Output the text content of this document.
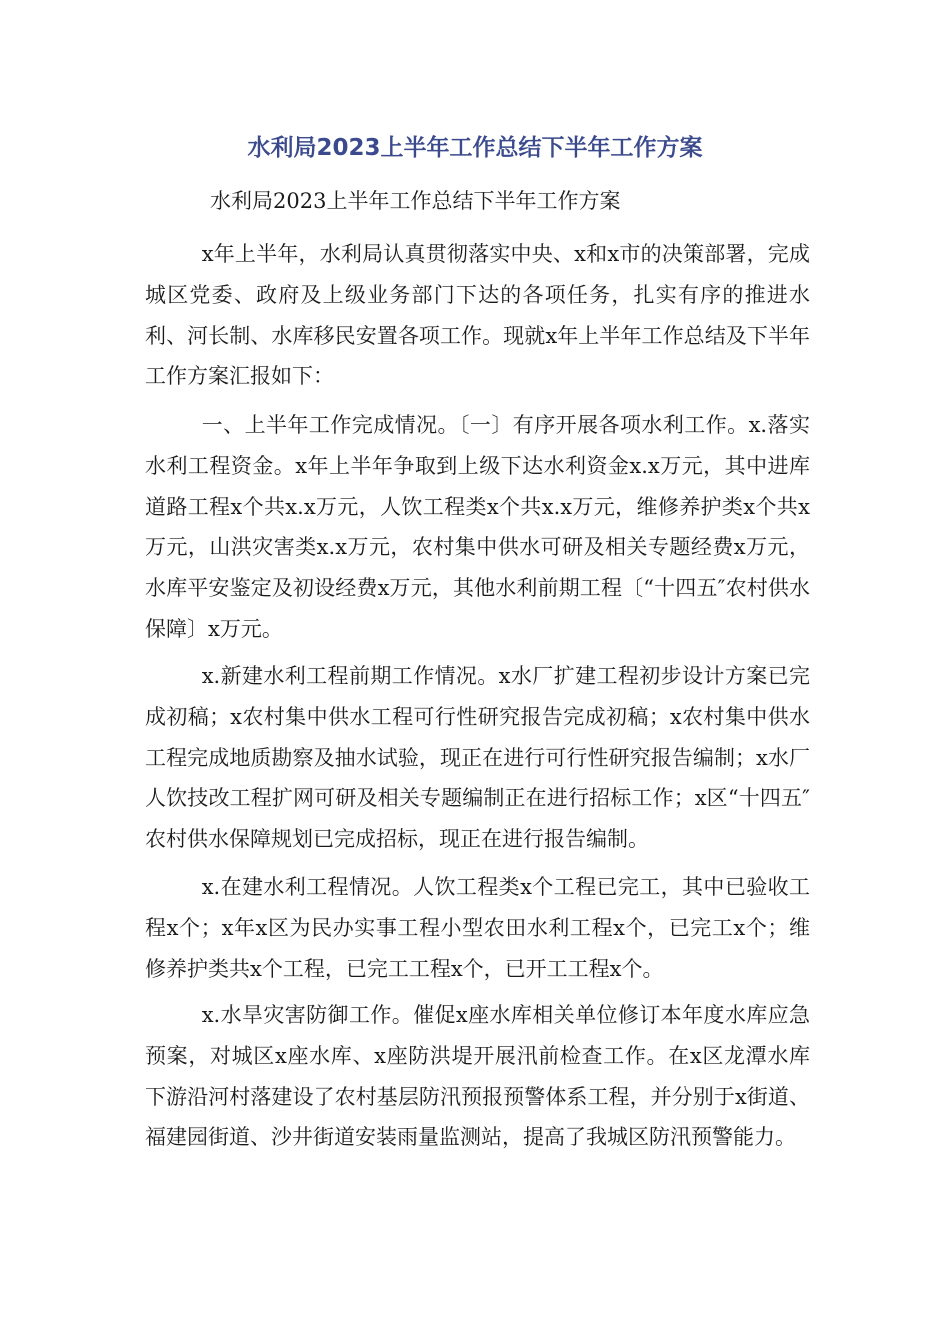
水利局2023上半年工作总结下半年工作方案

水利局2023上半年工作总结下半年工作方案

x年上半年，水利局认真贯彻落实中央、x和x市的决策部署，完成城区党委、政府及上级业务部门下达的各项任务，扎实有序的推进水利、河长制、水库移民安置各项工作。现就x年上半年工作总结及下半年工作方案汇报如下：

一、上半年工作完成情况。〔一〕有序开展各项水利工作。x.落实水利工程资金。x年上半年争取到上级下达水利资金x.x万元，其中进库道路工程x个共x.x万元，人饮工程类x个共x.x万元，维修养护类x个共x万元，山洪灾害类x.x万元，农村集中供水可研及相关专题经费x万元，水库平安鉴定及初设经费x万元，其他水利前期工程〔“十四五″农村供水保障〕x万元。

x.新建水利工程前期工作情况。x水厂扩建工程初步设计方案已完成初稿；x农村集中供水工程可行性研究报告完成初稿；x农村集中供水工程完成地质勘察及抽水试验，现正在进行可行性研究报告编制；x水厂人饮技改工程扩网可研及相关专题编制正在进行招标工作；x区“十四五″农村供水保障规划已完成招标，现正在进行报告编制。

x.在建水利工程情况。人饮工程类x个工程已完工，其中已验收工程x个；x年x区为民办实事工程小型农田水利工程x个，已完工x个；维修养护类共x个工程，已完工工程x个，已开工工程x个。

x.水旱灾害防御工作。催促x座水库相关单位修订本年度水库应急预案，对城区x座水库、x座防洪堤开展汛前检查工作。在x区龙潭水库下游沿河村落建设了农村基层防汛预报预警体系工程，并分别于x街道、福建园街道、沙井街道安装雨量监测站，提高了我城区防汛预警能力。
